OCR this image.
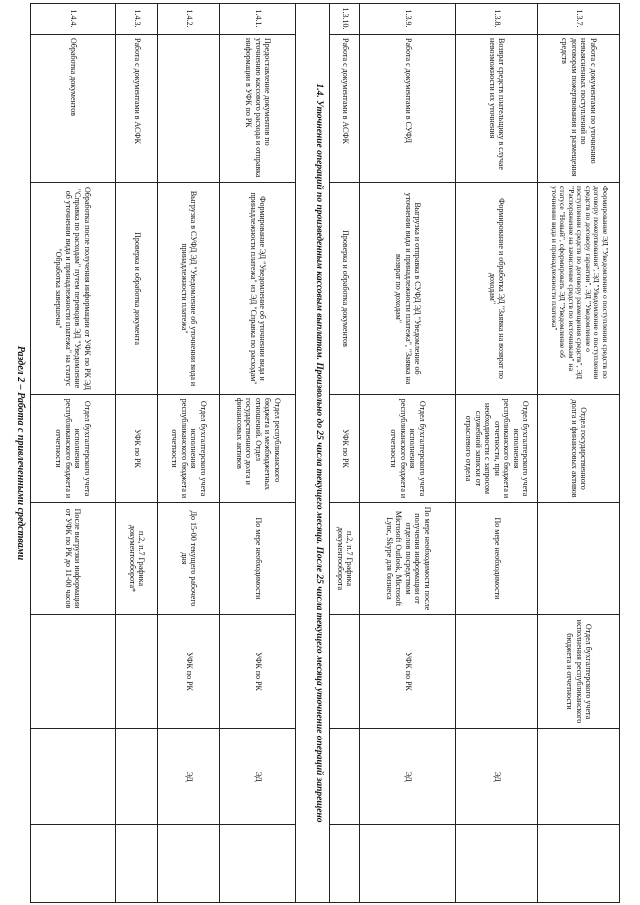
1.3.7.
Работа с документами по уточнению невыясненных поступлений по договорам пожертвования и размещения средств
Формирование ЭД "Уведомление о поступлении средств по договору пожертвования", ЭД "Уведомление о поступлении средств по договору гарантии", ЭД "Уведомление о поступлении средств по договору размещения средств", ЭД "Распоряжение на зачисление средств по источникам" на статусе "Новый", сформировать ЭД "Уведомление об уточнении вида и принадлежности платежа"
Отдел государственного долга и финансовых активов
Отдел бухгалтерского учета исполнения республиканского бюджета и отчетности
1.3.8.
Возврат средств плательщику в случае невозможности их уточнения
Формирование и обработка ЭД "Заявка на возврат по доходам"
Отдел бухгалтерского учета исполнения республиканского бюджета и отчетности, при необходимости с запросом служебной записки от отраслевого отдела
По мере необходимости
ЭД
1.3.9.
Работа с документами в СУФД
Выгрузка и отправка в СУФД ЭД "Уведомление об уточнении вида и принадлежности платежа", "Заявка на возврат по доходам"
Отдел бухгалтерского учета исполнения республиканского бюджета и отчетности
По мере необходимости после получения информации от отделов посредством Microsoft Outlook, Microsoft Lync, Skype для бизнеса
УФК по РК
ЭД
1.3.10.
Работа с документами в АСФК
Проверка и обработка документов
УФК по РК
п.2, п.7 Графика документооборота
1.4. Уточнение операций по произведенным кассовым выплатам. Произвольно до 25 числа текущего месяца. После 25 числа текущего месяца уточнение операций запрещено
1.4.1.
Предоставление документов по уточнению кассового расхода и отправка информации в УФК по РК
Формирование ЭД "Уведомление об уточнении вида и принадлежности платежа" из ЭД "Справка по расходам"
Отдел республиканского бюджета и межбюджетных отношений. Отдел государственного долга и финансовых активов
По мере необходимости
УФК по РК
ЭД
1.4.2.
Выгрузка в СУФД ЭД "Уведомление об уточнении вида и принадлежности платежа"
Отдел бухгалтерского учета исполнения республиканского бюджета и отчетности
До 15-00 текущего рабочего дня
УФК по РК
ЭД
1.4.3.
Работа с документами в АСФК
Проверка и обработка документа
УФК по РК
п.2, п.7 Графика документооборота*
1.4.4.
Обработка документов
Обработка после получения информации от УФК по РК ЭД "Справка по расходам" путем переводов ЭД "Уведомление об уточнении вида и принадлежности платежа" на статус "Обработка завершена"
Отдел бухгалтерского учета исполнения республиканского бюджета и отчетности
После выгрузки информации от УФК по РК до 11-00 часов
Раздел 2 – Работа с привлеченными средствами
